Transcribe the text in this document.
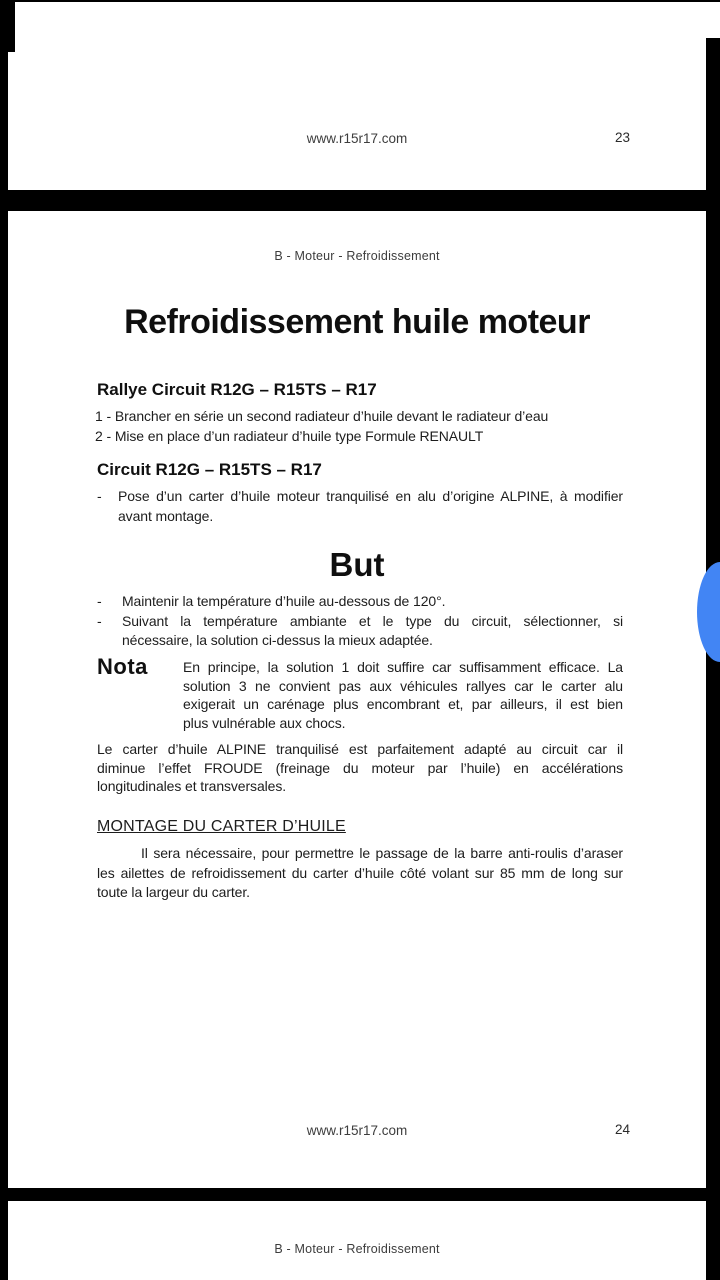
www.r15r17.com	23
B - Moteur - Refroidissement
Refroidissement huile moteur
Rallye Circuit R12G – R15TS – R17
1 - Brancher en série un second radiateur d’huile devant le radiateur d’eau
2 - Mise en place d’un radiateur d’huile type Formule RENAULT
Circuit R12G – R15TS – R17
-	Pose d’un carter d’huile moteur tranquilisé en alu d’origine ALPINE, à modifier
avant montage.
But
-	Maintenir la température d’huile au-dessous de 120°.
-	Suivant la température ambiante et le type du circuit, sélectionner, si
nécessaire, la solution ci-dessus la mieux adaptée.
Nota	En principe, la solution 1 doit suffire car suffisamment efficace. La
solution 3 ne convient pas aux véhicules rallyes car le carter alu
exigerait un carénage plus encombrant et, par ailleurs, il est bien
plus vulnérable aux chocs.
Le carter d’huile ALPINE tranquilisé est parfaitement adapté au circuit car il
diminue l’effet FROUDE (freinage du moteur par l’huile) en accélérations
longitudinales et transversales.
MONTAGE DU CARTER D’HUILE
Il sera nécessaire, pour permettre le passage de la barre anti-roulis d’araser
les ailettes de refroidissement du carter d’huile côté volant sur 85 mm de long sur
toute la largeur du carter.
www.r15r17.com	24
B - Moteur - Refroidissement
